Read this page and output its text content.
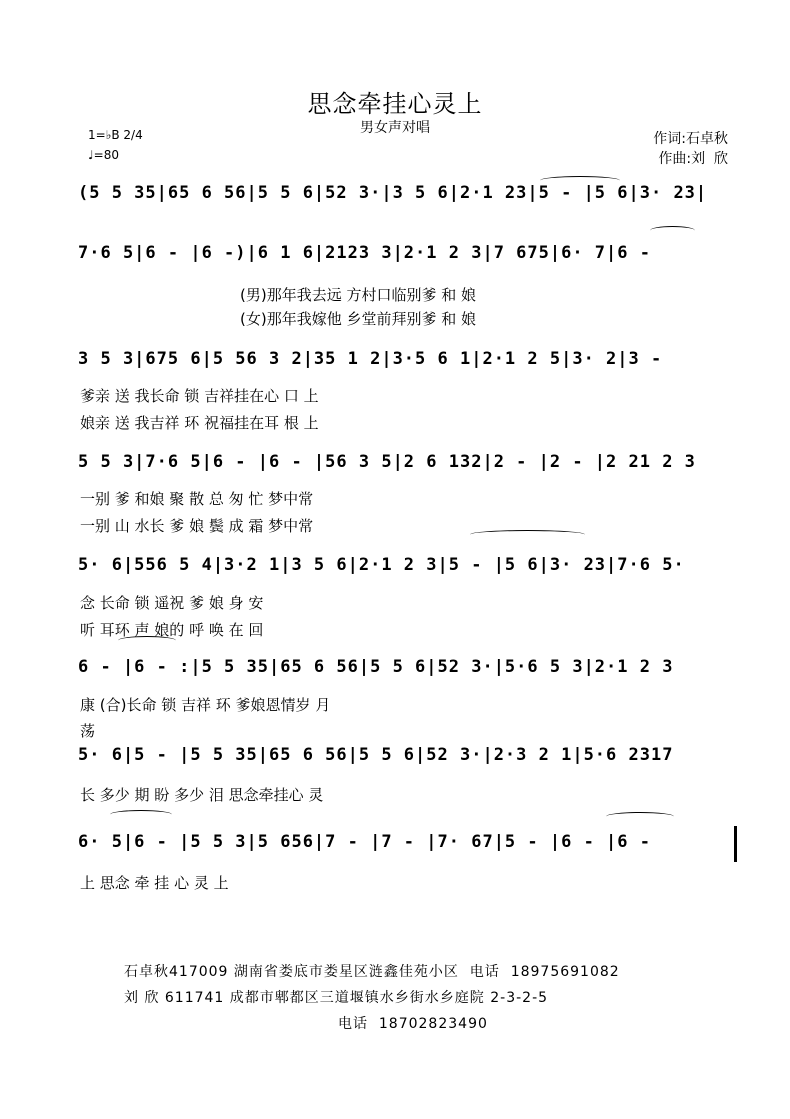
思念牵挂心灵上
男女声对唱
作词:石卓秋
作曲:刘  欣
1=♭B 2/4
♩=80
(5 5 35|65 6 56|5 5 6|52 3·|3 5 6|2·1 23|5 - |5 6|3· 23|
7·6 5|6 - |6 -)|6 1 6|2123 3|2·1 2 3|7 675|6· 7|6 -
(男)那年我去远 方村口临别爹 和 娘
(女)那年我嫁他 乡堂前拜别爹 和 娘
3 5 3|675 6|5 56 3 2|35 1 2|3·5 6 1|2·1 2 5|3· 2|3 -
爹亲 送 我长命 锁 吉祥挂在心 口 上
娘亲 送 我吉祥 环 祝福挂在耳 根 上
5 5 3|7·6 5|6 - |6 - |56 3 5|2 6 132|2 - |2 - |2 21 2 3
一别 爹 和娘 聚 散 总 匆 忙 梦中常
一别 山 水长 爹 娘 鬓 成 霜 梦中常
5· 6|556 5 4|3·2 1|3 5 6|2·1 2 3|5 - |5 6|3· 23|7·6 5·
念 长命 锁 遥祝 爹 娘 身 安
听 耳环 声 娘的 呼 唤 在 回
6 - |6 - :|5 5 35|65 6 56|5 5 6|52 3·|5·6 5 3|2·1 2 3
康 (合)长命 锁 吉祥 环 爹娘恩情岁 月
荡
5· 6|5 - |5 5 35|65 6 56|5 5 6|52 3·|2·3 2 1|5·6 2317
长 多少 期 盼 多少 泪 思念牵挂心 灵
6· 5|6 - |5 5 3|5 656|7 - |7 - |7· 67|5 - |6 - |6 -
上 思念 牵 挂 心 灵 上
石卓秋417009 湖南省娄底市娄星区涟鑫佳苑小区  电话  18975691082
刘 欣 611741 成都市郫都区三道堰镇水乡街水乡庭院 2-3-2-5
电话  18702823490
